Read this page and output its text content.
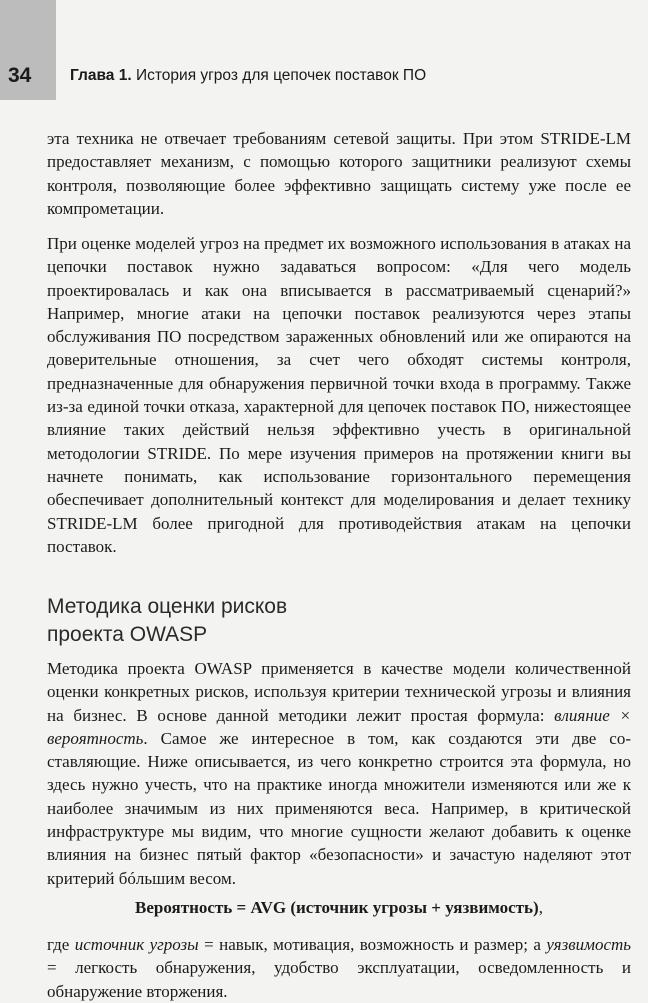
34 Глава 1. История угроз для цепочек поставок ПО

эта техника не отвечает требованиям сетевой защиты. При этом STRIDE-LM предоставляет механизм, с помощью которого защитники реализуют схемы контроля, позволяющие более эффективно защищать систему уже после ее компрометации.

При оценке моделей угроз на предмет их возможного использования в атаках на цепочки поставок нужно задаваться вопросом: «Для чего модель проектировалась и как она вписывается в рассматриваемый сценарий?» Например, многие атаки на цепочки поставок реализуются через этапы обслуживания ПО посредством зараженных обновлений или же опираются на доверительные отношения, за счет чего обходят системы контроля, предназначенные для обнаружения первичной точки входа в программу. Также из-за единой точки отказа, характерной для цепочек поставок ПО, нижестоящее влияние таких действий нельзя эффективно учесть в оригинальной методологии STRIDE. По мере изучения примеров на протяжении книги вы начнете понимать, как использование горизонтального перемещения обеспечивает дополнительный контекст для моделирования и делает технику STRIDE-LM более пригодной для противодействия атакам на цепочки поставок.

Методика оценки рисков
проекта OWASP

Методика проекта OWASP применяется в качестве модели количественной оценки конкретных рисков, используя критерии технической угрозы и влияния на бизнес. В основе данной методики лежит простая формула: влияние × вероятность. Самое же интересное в том, как создаются эти две составляющие. Ниже описывается, из чего конкретно строится эта формула, но здесь нужно учесть, что на практике иногда множители изменяются или же к наиболее значимым из них применяются веса. Например, в критической инфраструктуре мы видим, что многие сущности желают добавить к оценке влияния на бизнес пятый фактор «безопасности» и зачастую наделяют этот критерий бóльшим весом.

Вероятность = AVG (источник угрозы + уязвимость),

где источник угрозы = навык, мотивация, возможность и размер; а уязвимость = легкость обнаружения, удобство эксплуатации, осведомленность и обнаружение вторжения.
